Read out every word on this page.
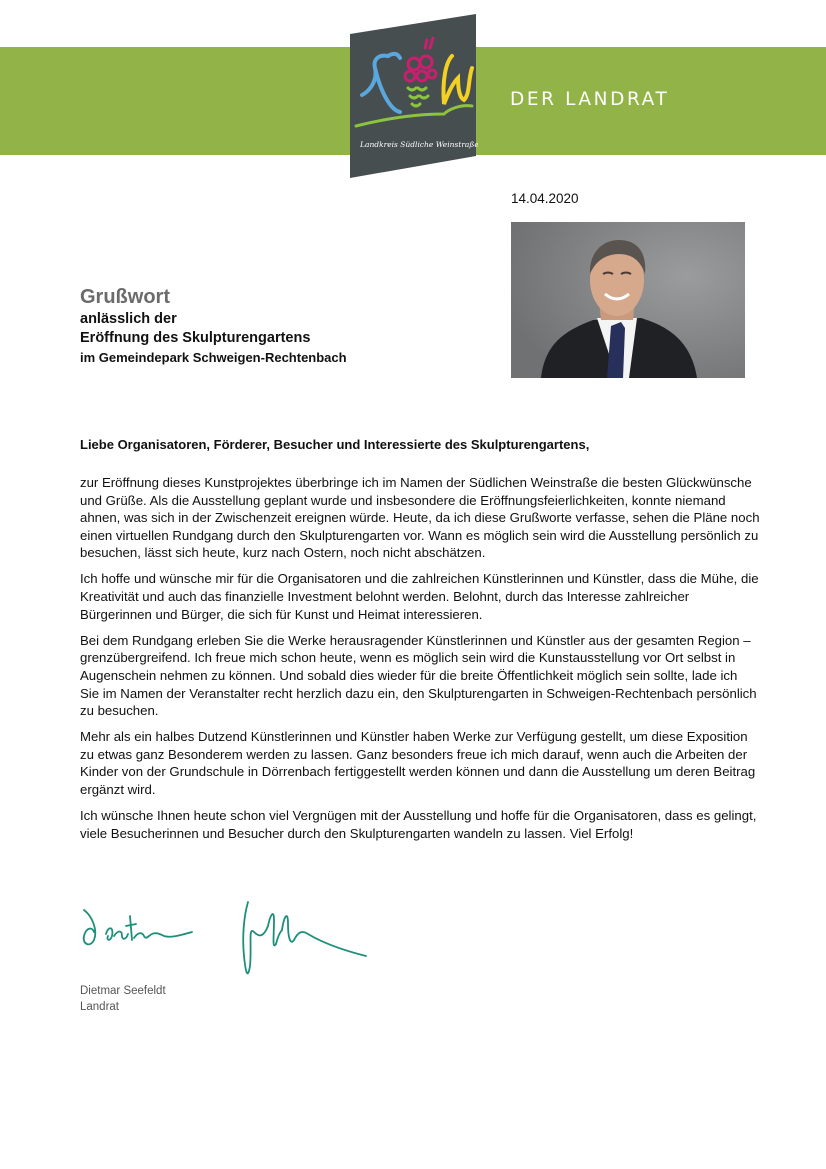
DER LANDRAT
Landkreis Südliche Weinstraße
14.04.2020
Grußwort
anlässlich der
Eröffnung des Skulpturengartens
im Gemeindepark Schweigen-Rechtenbach
Liebe Organisatoren, Förderer, Besucher und Interessierte des Skulpturengartens,

zur Eröffnung dieses Kunstprojektes überbringe ich im Namen der Südlichen Weinstraße die besten Glückwünsche und Grüße. Als die Ausstellung geplant wurde und insbesondere die Eröffnungsfeierlichkeiten, konnte niemand ahnen, was sich in der Zwischenzeit ereignen würde. Heute, da ich diese Grußworte verfasse, sehen die Pläne noch einen virtuellen Rundgang durch den Skulpturengarten vor. Wann es möglich sein wird die Ausstellung persönlich zu besuchen, lässt sich heute, kurz nach Ostern, noch nicht abschätzen.

Ich hoffe und wünsche mir für die Organisatoren und die zahlreichen Künstlerinnen und Künstler, dass die Mühe, die Kreativität und auch das finanzielle Investment belohnt werden. Belohnt, durch das Interesse zahlreicher Bürgerinnen und Bürger, die sich für Kunst und Heimat interessieren.

Bei dem Rundgang erleben Sie die Werke herausragender Künstlerinnen und Künstler aus der gesamten Region – grenzübergreifend. Ich freue mich schon heute, wenn es möglich sein wird die Kunstausstellung vor Ort selbst in Augenschein nehmen zu können. Und sobald dies wieder für die breite Öffentlichkeit möglich sein sollte, lade ich Sie im Namen der Veranstalter recht herzlich dazu ein, den Skulpturengarten in Schweigen-Rechtenbach persönlich zu besuchen.

Mehr als ein halbes Dutzend Künstlerinnen und Künstler haben Werke zur Verfügung gestellt, um diese Exposition zu etwas ganz Besonderem werden zu lassen. Ganz besonders freue ich mich darauf, wenn auch die Arbeiten der Kinder von der Grundschule in Dörrenbach fertiggestellt werden können und dann die Ausstellung um deren Beitrag ergänzt wird.

Ich wünsche Ihnen heute schon viel Vergnügen mit der Ausstellung und hoffe für die Organisatoren, dass es gelingt, viele Besucherinnen und Besucher durch den Skulpturengarten wandeln zu lassen. Viel Erfolg!

Dietmar Seefeldt
Landrat
